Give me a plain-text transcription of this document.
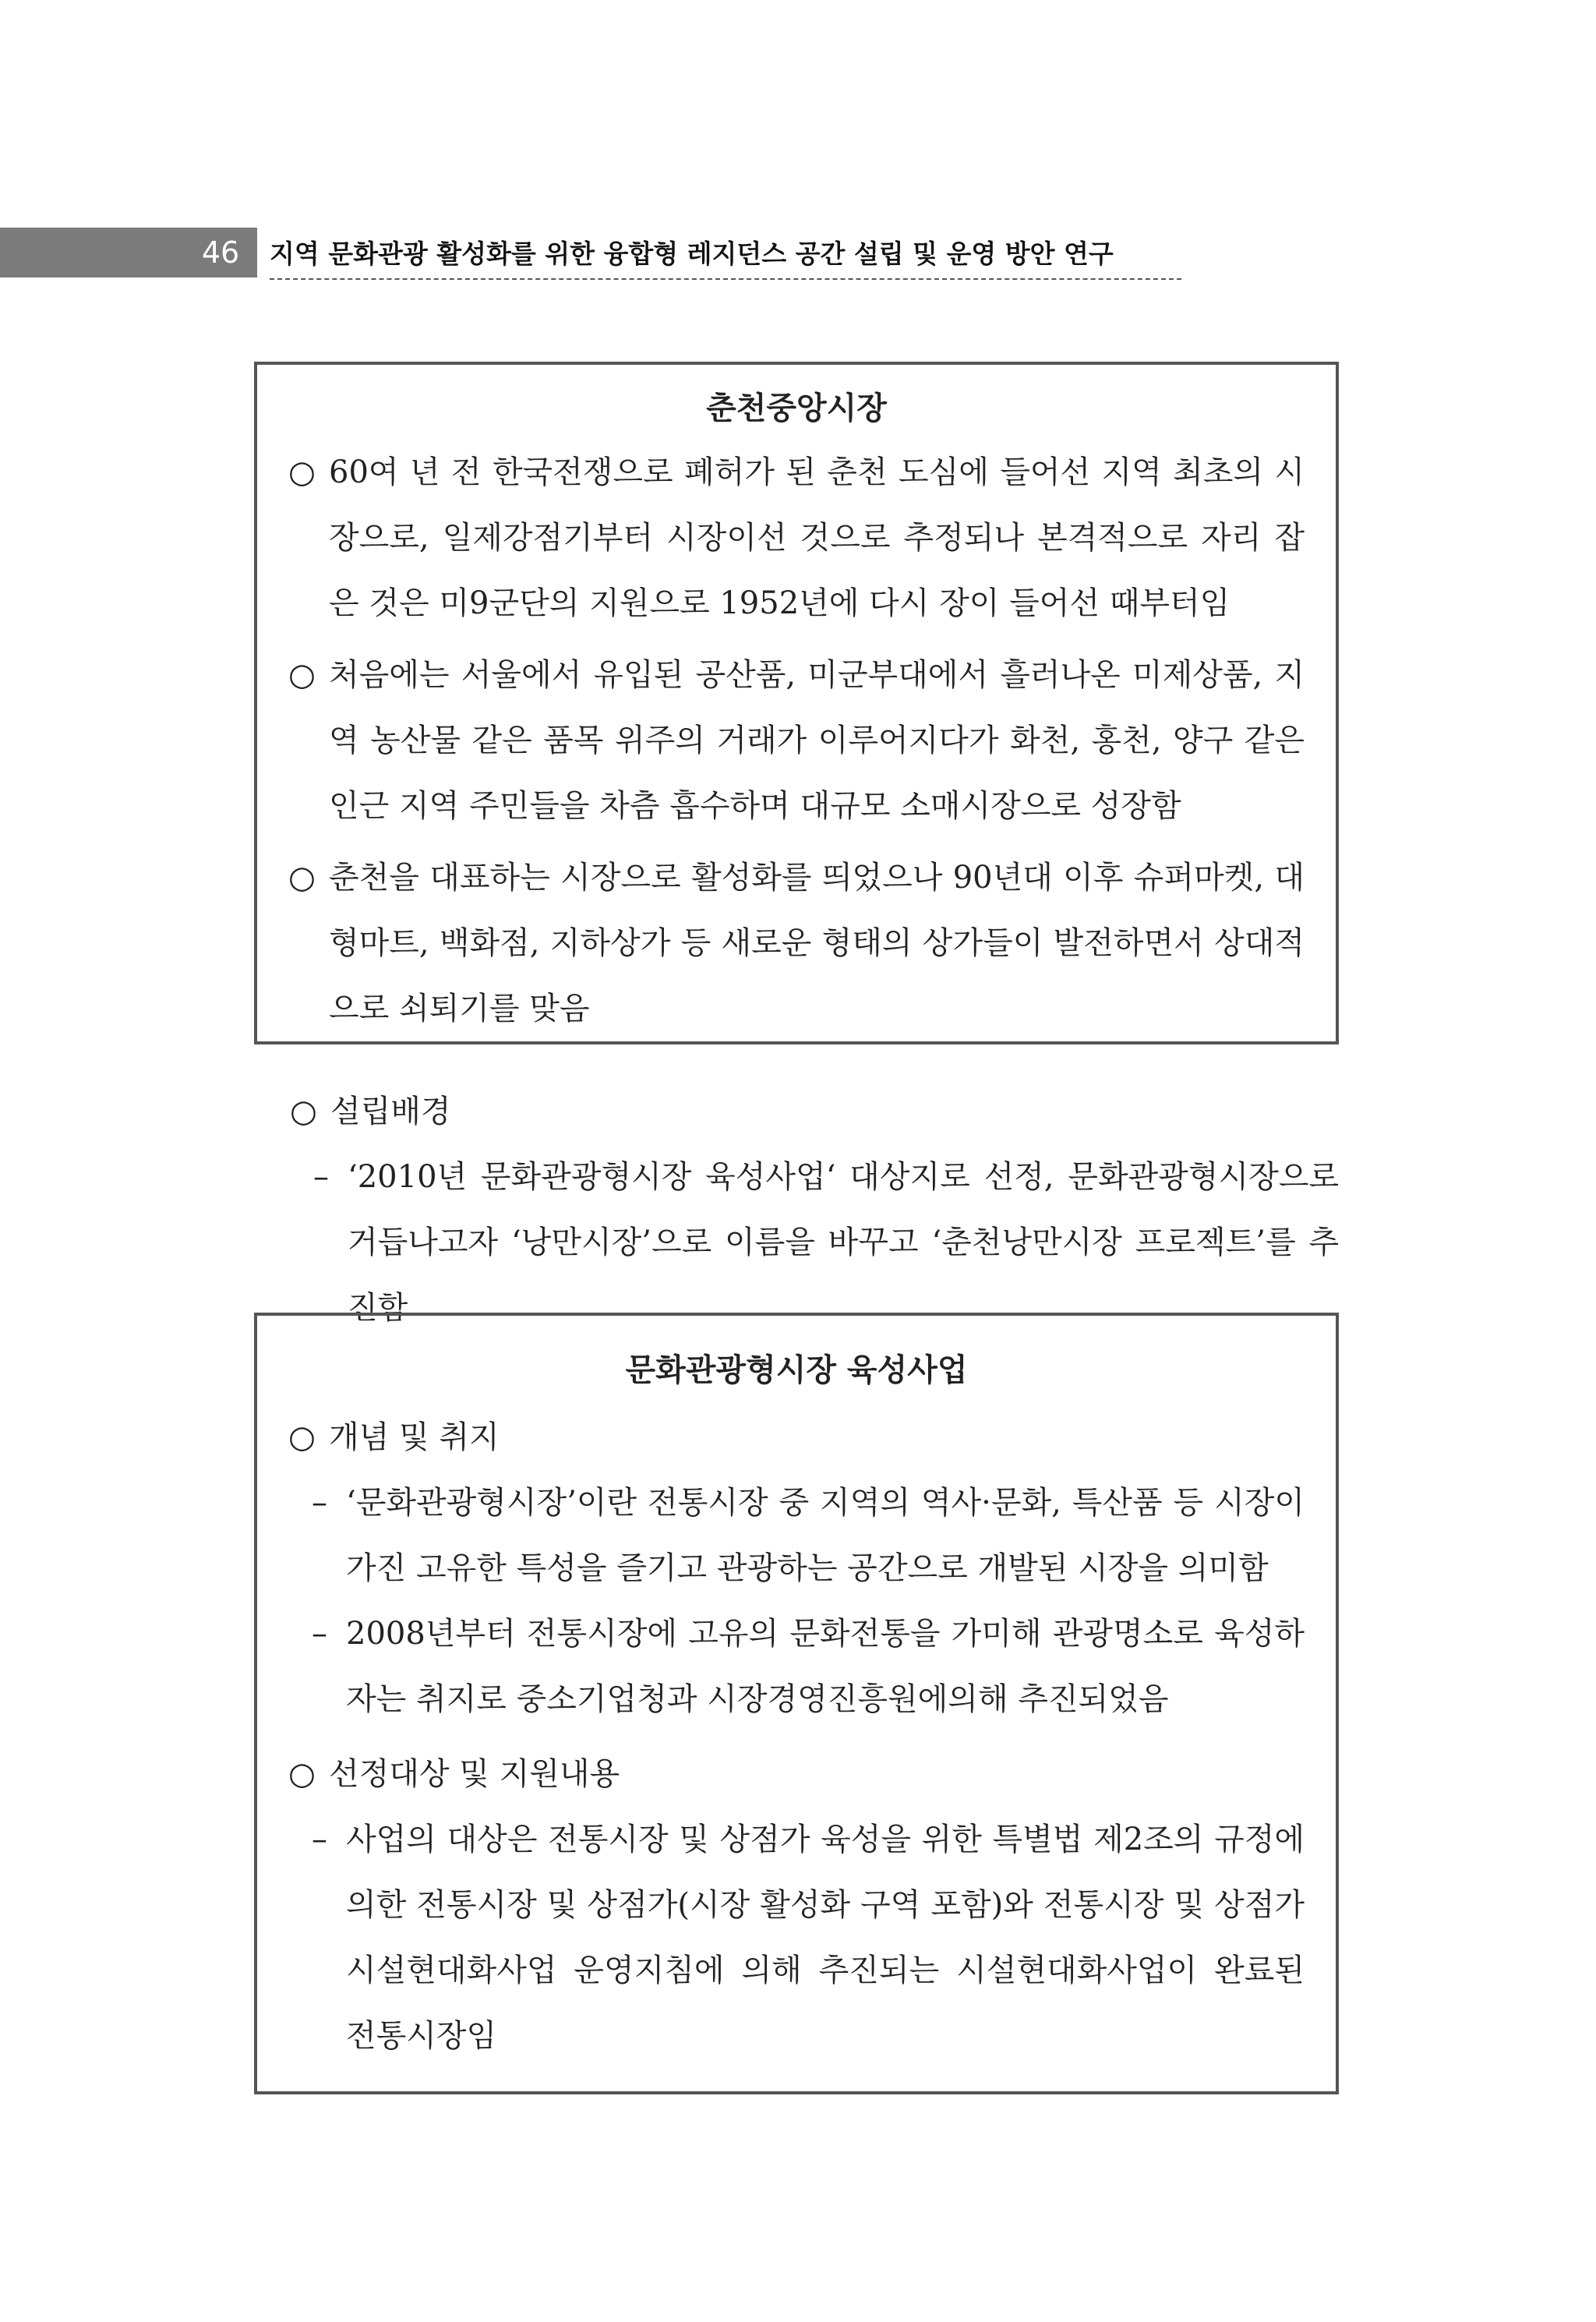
46	지역 문화관광 활성화를 위한 융합형 레지던스 공간 설립 및 운영 방안 연구
춘천중앙시장
○ 60여 년 전 한국전쟁으로 폐허가 된 춘천 도심에 들어선 지역 최초의 시장으로, 일제강점기부터 시장이선 것으로 추정되나 본격적으로 자리 잡은 것은 미9군단의 지원으로 1952년에 다시 장이 들어선 때부터임
○ 처음에는 서울에서 유입된 공산품, 미군부대에서 흘러나온 미제상품, 지역 농산물 같은 품목 위주의 거래가 이루어지다가 화천, 홍천, 양구 같은 인근 지역 주민들을 차츰 흡수하며 대규모 소매시장으로 성장함
○ 춘천을 대표하는 시장으로 활성화를 띄었으나 90년대 이후 슈퍼마켓, 대형마트, 백화점, 지하상가 등 새로운 형태의 상가들이 발전하면서 상대적으로 쇠퇴기를 맞음
○ 설립배경
– ‘2010년 문화관광형시장 육성사업‘ 대상지로 선정, 문화관광형시장으로 거듭나고자 ‘낭만시장’으로 이름을 바꾸고 ‘춘천낭만시장 프로젝트’를 추진함
문화관광형시장 육성사업
○ 개념 및 취지
– ‘문화관광형시장’이란 전통시장 중 지역의 역사·문화, 특산품 등 시장이 가진 고유한 특성을 즐기고 관광하는 공간으로 개발된 시장을 의미함
– 2008년부터 전통시장에 고유의 문화전통을 가미해 관광명소로 육성하자는 취지로 중소기업청과 시장경영진흥원에의해 추진되었음
○ 선정대상 및 지원내용
– 사업의 대상은 전통시장 및 상점가 육성을 위한 특별법 제2조의 규정에 의한 전통시장 및 상점가(시장 활성화 구역 포함)와 전통시장 및 상점가 시설현대화사업 운영지침에 의해 추진되는 시설현대화사업이 완료된 전통시장임
